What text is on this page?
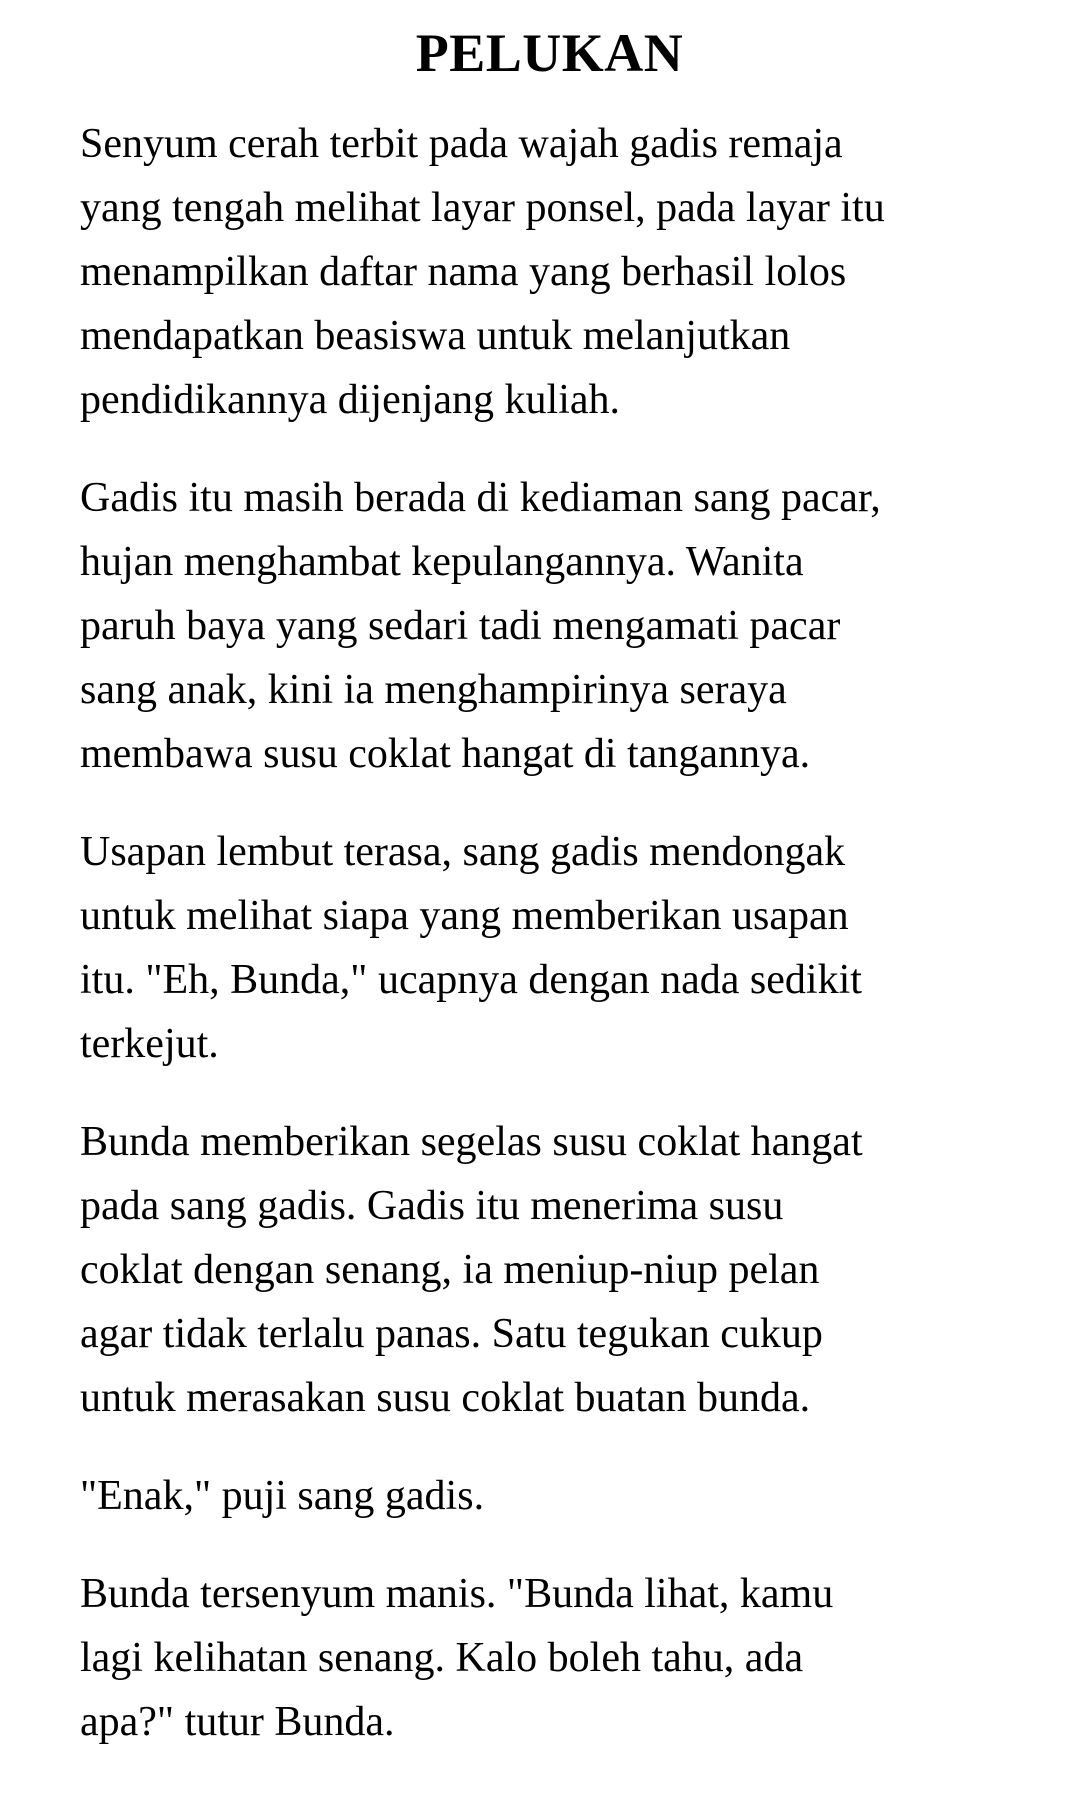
PELUKAN

Senyum cerah terbit pada wajah gadis remaja
yang tengah melihat layar ponsel, pada layar itu
menampilkan daftar nama yang berhasil lolos
mendapatkan beasiswa untuk melanjutkan
pendidikannya dijenjang kuliah.

Gadis itu masih berada di kediaman sang pacar,
hujan menghambat kepulangannya. Wanita
paruh baya yang sedari tadi mengamati pacar
sang anak, kini ia menghampirinya seraya
membawa susu coklat hangat di tangannya.

Usapan lembut terasa, sang gadis mendongak
untuk melihat siapa yang memberikan usapan
itu. "Eh, Bunda," ucapnya dengan nada sedikit
terkejut.

Bunda memberikan segelas susu coklat hangat
pada sang gadis. Gadis itu menerima susu
coklat dengan senang, ia meniup-niup pelan
agar tidak terlalu panas. Satu tegukan cukup
untuk merasakan susu coklat buatan bunda.

"Enak," puji sang gadis.

Bunda tersenyum manis. "Bunda lihat, kamu
lagi kelihatan senang. Kalo boleh tahu, ada
apa?" tutur Bunda.
